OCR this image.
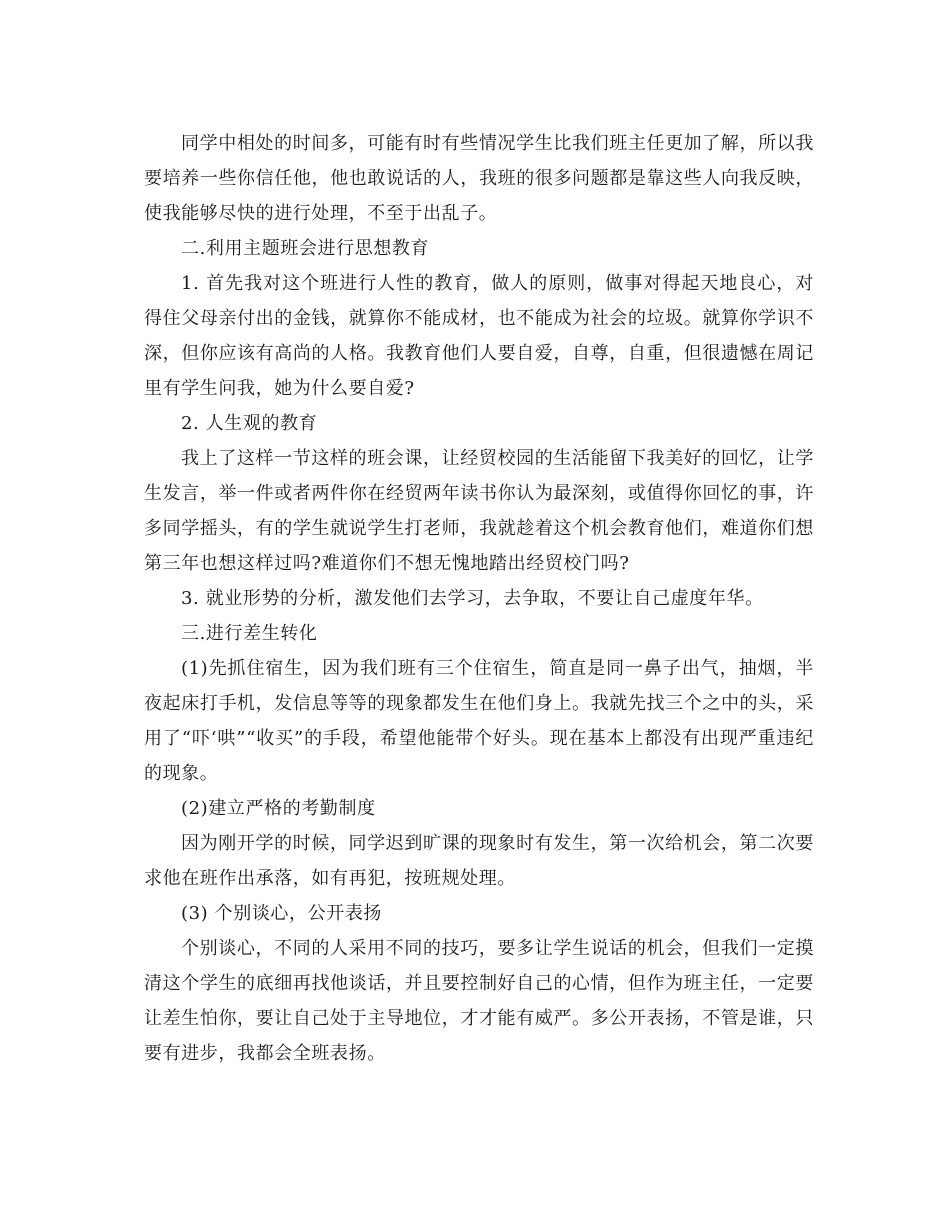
同学中相处的时间多，可能有时有些情况学生比我们班主任更加了解，所以我要培养一些你信任他，他也敢说话的人，我班的很多问题都是靠这些人向我反映，使我能够尽快的进行处理，不至于出乱子。

二.利用主题班会进行思想教育

1. 首先我对这个班进行人性的教育，做人的原则，做事对得起天地良心，对得住父母亲付出的金钱，就算你不能成材，也不能成为社会的垃圾。就算你学识不深，但你应该有高尚的人格。我教育他们人要自爱，自尊，自重，但很遗憾在周记里有学生问我，她为什么要自爱?

2. 人生观的教育

我上了这样一节这样的班会课，让经贸校园的生活能留下我美好的回忆，让学生发言，举一件或者两件你在经贸两年读书你认为最深刻，或值得你回忆的事，许多同学摇头，有的学生就说学生打老师，我就趁着这个机会教育他们，难道你们想第三年也想这样过吗?难道你们不想无愧地踏出经贸校门吗?

3. 就业形势的分析，激发他们去学习，去争取，不要让自己虚度年华。

三.进行差生转化

(1)先抓住宿生，因为我们班有三个住宿生，简直是同一鼻子出气，抽烟，半夜起床打手机，发信息等等的现象都发生在他们身上。我就先找三个之中的头，采用了“吓‘哄”“收买”的手段，希望他能带个好头。现在基本上都没有出现严重违纪的现象。

(2)建立严格的考勤制度

因为刚开学的时候，同学迟到旷课的现象时有发生，第一次给机会，第二次要求他在班作出承落，如有再犯，按班规处理。

(3) 个别谈心，公开表扬

个别谈心，不同的人采用不同的技巧，要多让学生说话的机会，但我们一定摸清这个学生的底细再找他谈话，并且要控制好自己的心情，但作为班主任，一定要让差生怕你，要让自己处于主导地位，才才能有威严。多公开表扬，不管是谁，只要有进步，我都会全班表扬。
